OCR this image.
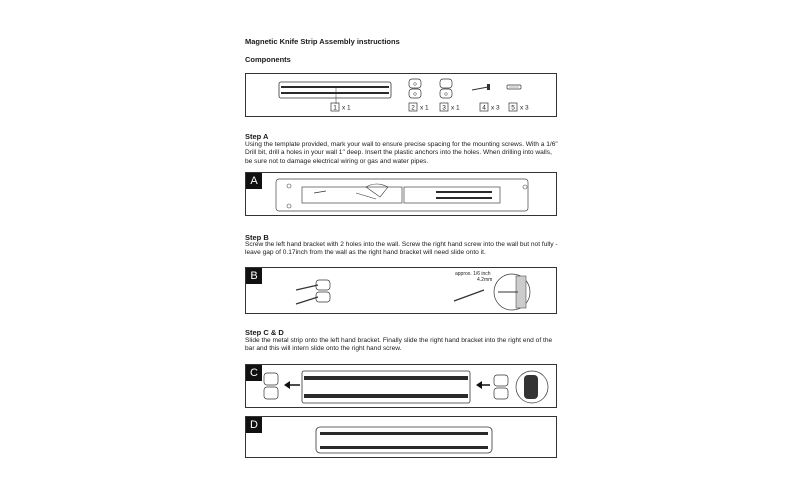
Magnetic Knife Strip Assembly instructions
Components
1 x 1	2 x 1 3 x 1	4 x 3 5 x 3
Step A
Using the template provided, mark your wall to ensure precise spacing for the mounting screws. With a 1/6" Drill bit, drill a holes in your wall 1" deep. Insert the plastic anchors into the holes. When drilling into walls, be sure not to damage electrical wiring or gas and water pipes.
A
Step B
Screw the left hand bracket with 2 holes into the wall. Screw the right hand screw into the wall but not fully - leave gap of 0.17inch from the wall as the right hand bracket will need slide onto it.
B	approx. 1/6 inch
4.2mm
Step C & D
Slide the metal strip onto the left hand bracket. Finally slide the right hand bracket into the right end of the bar and this will intern slide onto the right hand screw.
C
D
